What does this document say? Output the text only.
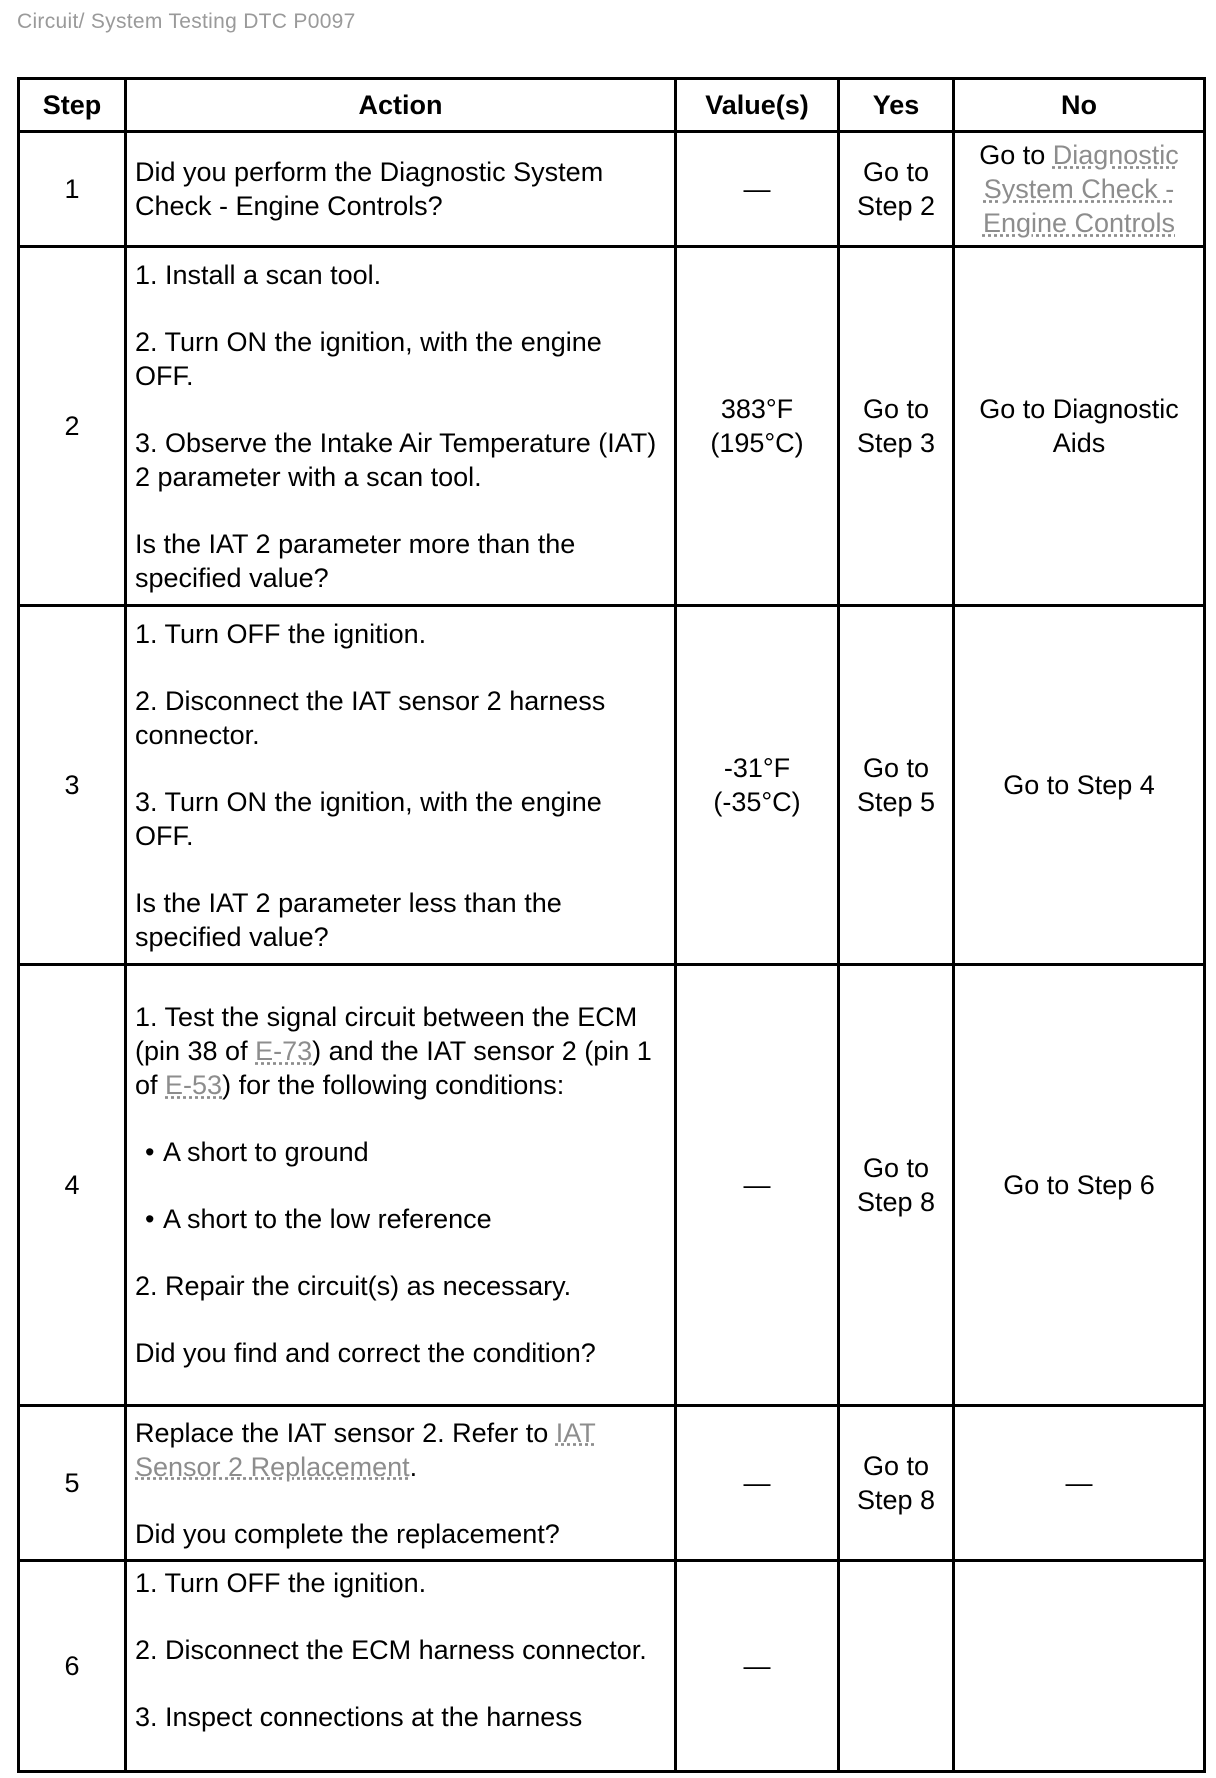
Circuit/ System Testing DTC P0097
Step	Action	Value(s)	Yes	No
1	Did you perform the Diagnostic System Check - Engine Controls?	—	Go to Step 2	Go to Diagnostic System Check - Engine Controls
2	1. Install a scan tool.

2. Turn ON the ignition, with the engine OFF.

3. Observe the Intake Air Temperature (IAT) 2 parameter with a scan tool.

Is the IAT 2 parameter more than the specified value?	383°F (195°C)	Go to Step 3	Go to Diagnostic Aids
3	1. Turn OFF the ignition.

2. Disconnect the IAT sensor 2 harness connector.

3. Turn ON the ignition, with the engine OFF.

Is the IAT 2 parameter less than the specified value?	-31°F (-35°C)	Go to Step 5	Go to Step 4
4	1. Test the signal circuit between the ECM (pin 38 of E-73) and the IAT sensor 2 (pin 1 of E-53) for the following conditions:

• A short to ground

• A short to the low reference

2. Repair the circuit(s) as necessary.

Did you find and correct the condition?	—	Go to Step 8	Go to Step 6
5	Replace the IAT sensor 2. Refer to IAT Sensor 2 Replacement.

Did you complete the replacement?	—	Go to Step 8	—
6	1. Turn OFF the ignition.

2. Disconnect the ECM harness connector.

3. Inspect connections at the harness	—		
